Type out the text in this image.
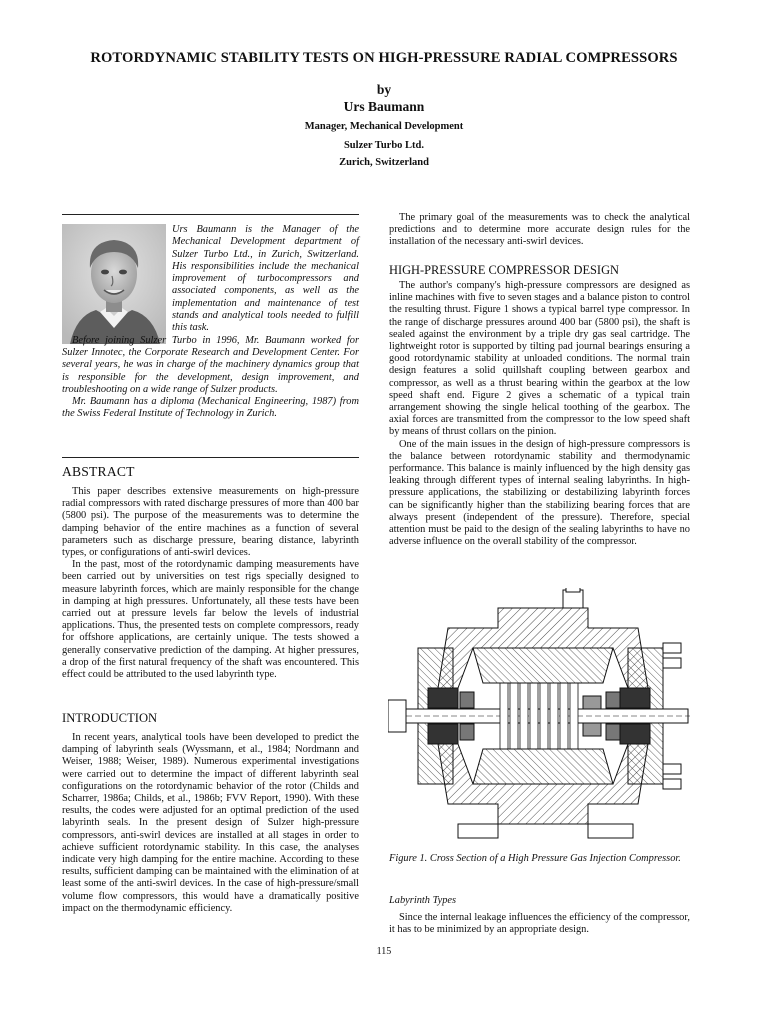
ROTORDYNAMIC STABILITY TESTS ON HIGH-PRESSURE RADIAL COMPRESSORS
by
Urs Baumann
Manager, Mechanical Development
Sulzer Turbo Ltd.
Zurich, Switzerland

Urs Baumann is the Manager of the Mechanical Development department of Sulzer Turbo Ltd., in Zurich, Switzerland. His responsibilities include the mechanical improvement of turbocompressors and associated components, as well as the implementation and maintenance of test stands and analytical tools needed to fulfill this task.

Before joining Sulzer Turbo in 1996, Mr. Baumann worked for Sulzer Innotec, the Corporate Research and Development Center. For several years, he was in charge of the machinery dynamics group that is responsible for the development, design improvement, and troubleshooting on a wide range of Sulzer products.

Mr. Baumann has a diploma (Mechanical Engineering, 1987) from the Swiss Federal Institute of Technology in Zurich.

ABSTRACT

This paper describes extensive measurements on high-pressure radial compressors with rated discharge pressures of more than 400 bar (5800 psi). The purpose of the measurements was to determine the damping behavior of the entire machines as a function of several parameters such as discharge pressure, bearing distance, labyrinth types, or configurations of anti-swirl devices.

In the past, most of the rotordynamic damping measurements have been carried out by universities on test rigs specially designed to measure labyrinth forces, which are mainly responsible for the change in damping at high pressures. Unfortunately, all these tests have been carried out at pressure levels far below the levels of industrial applications. Thus, the presented tests on complete compressors, ready for offshore applications, are certainly unique. The tests showed a generally conservative prediction of the damping. At higher pressures, a drop of the first natural frequency of the shaft was encountered. This effect could be attributed to the used labyrinth type.

INTRODUCTION

In recent years, analytical tools have been developed to predict the damping of labyrinth seals (Wyssmann, et al., 1984; Nordmann and Weiser, 1988; Weiser, 1989). Numerous experimental investigations were carried out to determine the impact of different labyrinth seal configurations on the rotordynamic behavior of the rotor (Childs and Scharrer, 1986a; Childs, et al., 1986b; FVV Report, 1990). With these results, the codes were adjusted for an optimal prediction of the used labyrinth seals. In the present design of Sulzer high-pressure compressors, anti-swirl devices are installed at all stages in order to achieve sufficient rotordynamic stability. In this case, the analyses indicate very high damping for the entire machine. According to these results, sufficient damping can be maintained with the elimination of at least some of the anti-swirl devices. In the case of high-pressure/small volume flow compressors, this would have a dramatically positive impact on the thermodynamic efficiency.

The primary goal of the measurements was to check the analytical predictions and to determine more accurate design rules for the installation of the necessary anti-swirl devices.

HIGH-PRESSURE COMPRESSOR DESIGN

The author's company's high-pressure compressors are designed as inline machines with five to seven stages and a balance piston to control the resulting thrust. Figure 1 shows a typical barrel type compressor. In the range of discharge pressures around 400 bar (5800 psi), the shaft is sealed against the environment by a triple dry gas seal cartridge. The lightweight rotor is supported by tilting pad journal bearings ensuring a good rotordynamic stability at unloaded conditions. The normal train design features a solid quillshaft coupling between gearbox and compressor, as well as a thrust bearing within the gearbox at the low speed shaft end. Figure 2 gives a schematic of a typical train arrangement showing the single helical toothing of the gearbox. The axial forces are transmitted from the compressor to the low speed shaft by means of thrust collars on the pinion.

One of the main issues in the design of high-pressure compressors is the balance between rotordynamic stability and thermodynamic performance. This balance is mainly influenced by the high density gas leaking through different types of internal sealing labyrinths. In high-pressure applications, the stabilizing or destabilizing labyrinth forces can be significantly higher than the stabilizing bearing forces that are always present (independent of the pressure). Therefore, special attention must be paid to the design of the sealing labyrinths to have no adverse influence on the overall stability of the compressor.

Figure 1. Cross Section of a High Pressure Gas Injection Compressor.
Labyrinth Types

Since the internal leakage influences the efficiency of the compressor, it has to be minimized by an appropriate design.

115
